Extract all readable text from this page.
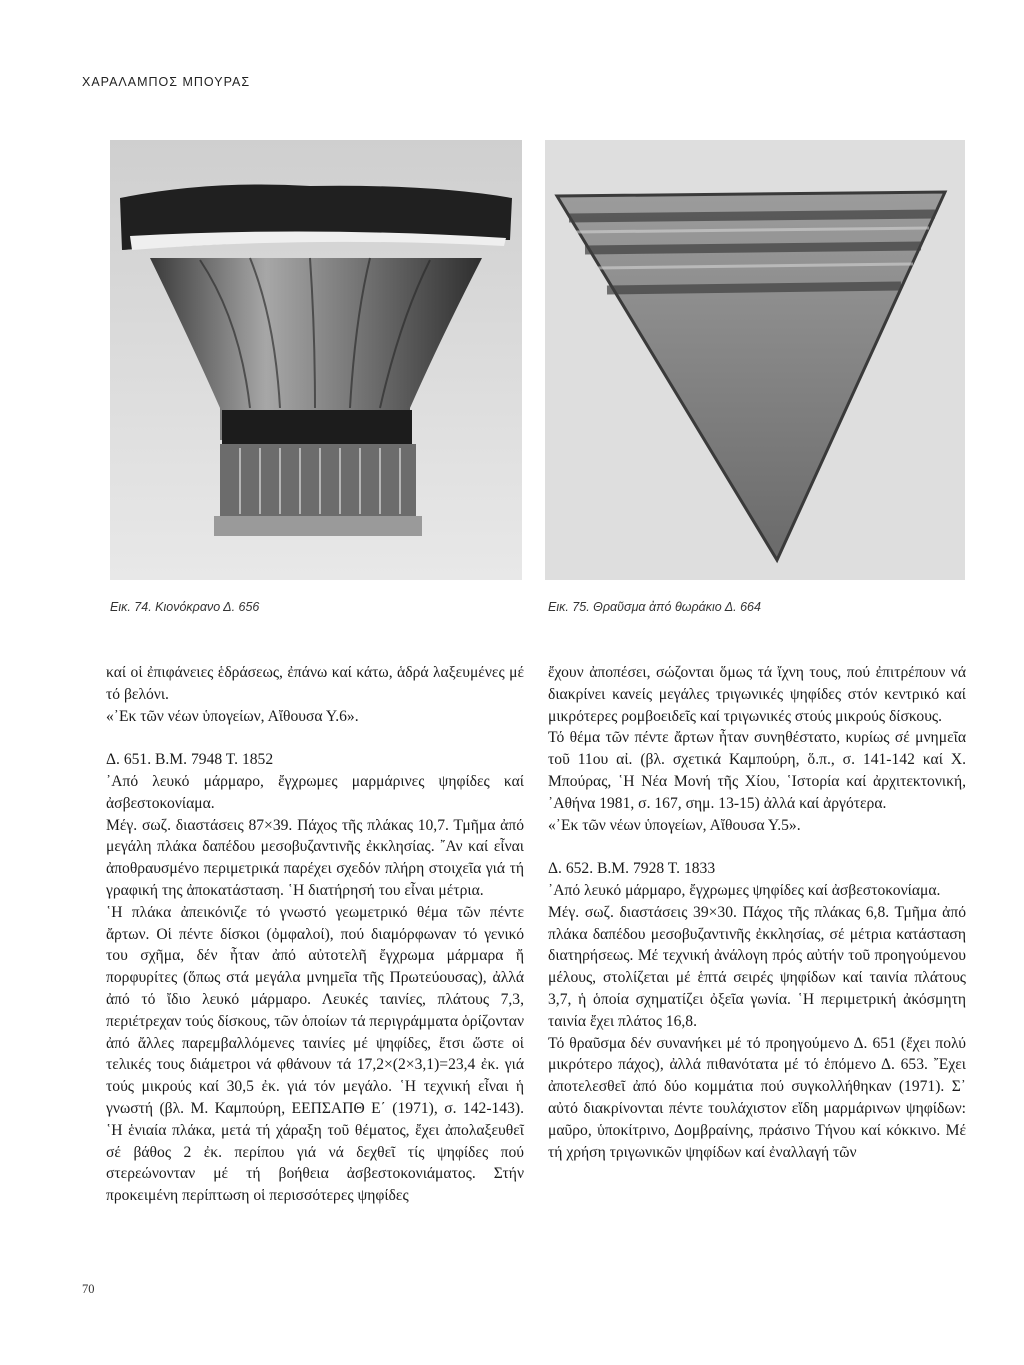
ΧΑΡΑΛΑΜΠΟΣ ΜΠΟΥΡΑΣ
Εικ. 74. Κιονόκρανο Δ. 656	Εικ. 75. Θραῦσμα ἀπό θωράκιο Δ. 664

καί οἱ ἐπιφάνειες ἑδράσεως, ἐπάνω καί κάτω, ἁδρά λαξευμένες μέ τό βελόνι.

«᾿Εκ τῶν νέων ὑπογείων, Αἴθουσα Υ.6».

Δ. 651. Β.Μ. 7948 Τ. 1852

᾿Από λευκό μάρμαρο, ἔγχρωμες μαρμάρινες ψηφίδες καί ἀσβεστοκονίαμα.

Μέγ. σωζ. διαστάσεις 87×39. Πάχος τῆς πλάκας 10,7. Τμῆμα ἀπό μεγάλη πλάκα δαπέδου μεσοβυζαντινῆς ἐκκλησίας. ῎Αν καί εἶναι ἀποθραυσμένο περιμετρικά παρέχει σχεδόν πλήρη στοιχεῖα γιά τή γραφική της ἀποκατάσταση. ῾Η διατήρησή του εἶναι μέτρια.

῾Η πλάκα ἀπεικόνιζε τό γνωστό γεωμετρικό θέμα τῶν πέντε ἄρτων. Οἱ πέντε δίσκοι (ὀμφαλοί), πού διαμόρφωναν τό γενικό του σχῆμα, δέν ἦταν ἀπό αὐτοτελῆ ἔγχρωμα μάρμαρα ἤ πορφυρίτες (ὅπως στά μεγάλα μνημεῖα τῆς Πρωτεύουσας), ἀλλά ἀπό τό ἴδιο λευκό μάρμαρο. Λευκές ταινίες, πλάτους 7,3, περιέτρεχαν τούς δίσκους, τῶν ὁποίων τά περιγράμματα ὁρίζονταν ἀπό ἄλλες παρεμβαλλόμενες ταινίες μέ ψηφίδες, ἔτσι ὥστε οἱ τελικές τους διάμετροι νά φθάνουν τά 17,2×(2×3,1)=23,4 ἐκ. γιά τούς μικρούς καί 30,5 ἐκ. γιά τόν μεγάλο. ῾Η τεχνική εἶναι ἡ γνωστή (βλ. Μ. Καμπούρη, ΕΕΠΣΑΠΘ Ε΄ (1971), σ. 142-143). ῾Η ἑνιαία πλάκα, μετά τή χάραξη τοῦ θέματος, ἔχει ἀπολαξευθεῖ σέ βάθος 2 ἐκ. περίπου γιά νά δεχθεῖ τίς ψηφίδες πού στερεώνονταν μέ τή βοήθεια ἀσβεστοκονιάματος. Στήν προκειμένη περίπτωση οἱ περισσότερες ψηφίδες

ἔχουν ἀποπέσει, σώζονται ὅμως τά ἴχνη τους, πού ἐπιτρέπουν νά διακρίνει κανείς μεγάλες τριγωνικές ψηφίδες στόν κεντρικό καί μικρότερες ρομβοειδεῖς καί τριγωνικές στούς μικρούς δίσκους.

Τό θέμα τῶν πέντε ἄρτων ἦταν συνηθέστατο, κυρίως σέ μνημεῖα τοῦ 11ου αἰ. (βλ. σχετικά Καμπούρη, ὅ.π., σ. 141-142 καί Χ. Μπούρας, ῾Η Νέα Μονή τῆς Χίου, ῾Ιστορία καί ἀρχιτεκτονική, ᾿Αθήνα 1981, σ. 167, σημ. 13-15) ἀλλά καί ἀργότερα.

«᾿Εκ τῶν νέων ὑπογείων, Αἴθουσα Υ.5».

Δ. 652. Β.Μ. 7928 Τ. 1833

᾿Από λευκό μάρμαρο, ἔγχρωμες ψηφίδες καί ἀσβεστοκονίαμα.

Μέγ. σωζ. διαστάσεις 39×30. Πάχος τῆς πλάκας 6,8. Τμῆμα ἀπό πλάκα δαπέδου μεσοβυζαντινῆς ἐκκλησίας, σέ μέτρια κατάσταση διατηρήσεως. Μέ τεχνική ἀνάλογη πρός αὐτήν τοῦ προηγούμενου μέλους, στολίζεται μέ ἑπτά σειρές ψηφίδων καί ταινία πλάτους 3,7, ἡ ὁποία σχηματίζει ὀξεῖα γωνία. ῾Η περιμετρική ἀκόσμητη ταινία ἔχει πλάτος 16,8.

Τό θραῦσμα δέν συνανήκει μέ τό προηγούμενο Δ. 651 (ἔχει πολύ μικρότερο πάχος), ἀλλά πιθανότατα μέ τό ἑπόμενο Δ. 653. ῎Εχει ἀποτελεσθεῖ ἀπό δύο κομμάτια πού συγκολλήθηκαν (1971). Σ᾿ αὐτό διακρίνονται πέντε τουλάχιστον εἴδη μαρμάρινων ψηφίδων: μαῦρο, ὑποκίτρινο, Δομβραίνης, πράσινο Τήνου καί κόκκινο. Μέ τή χρήση τριγωνικῶν ψηφίδων καί ἐναλλαγή τῶν

70
